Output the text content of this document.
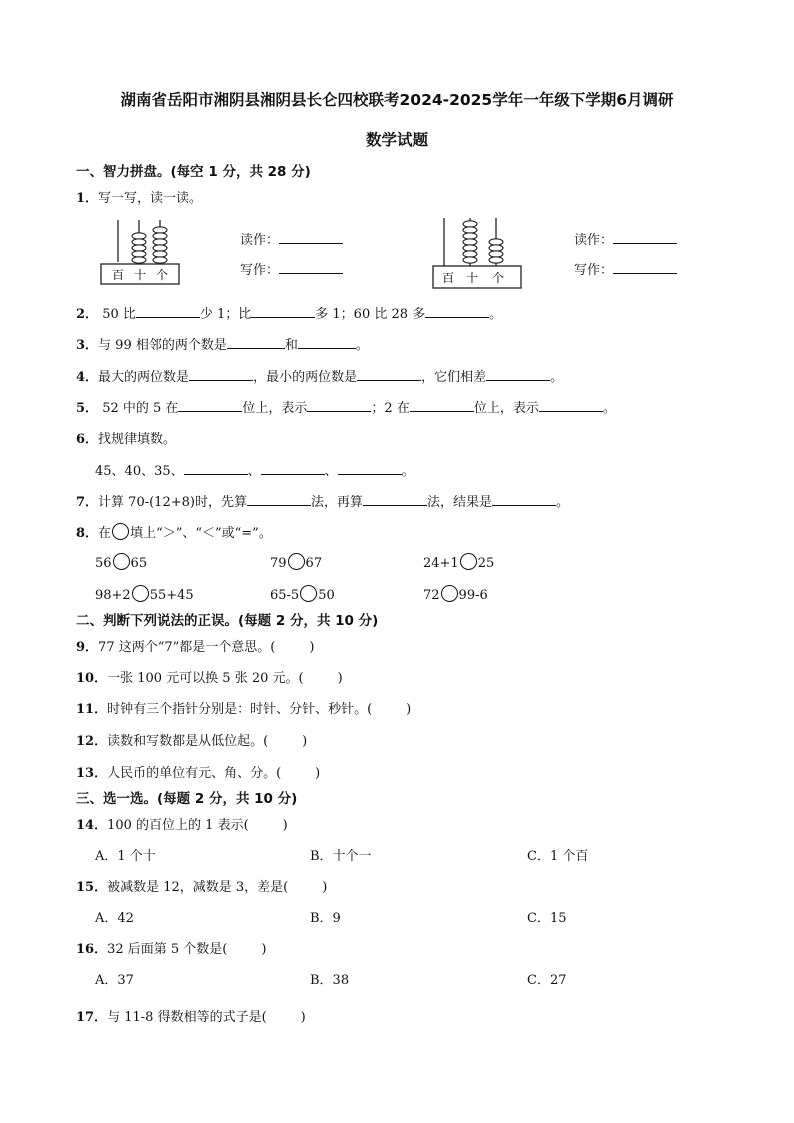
湖南省岳阳市湘阴县湘阴县长仑四校联考2024-2025学年一年级下学期6月调研
数学试题
一、智力拼盘。(每空 1 分，共 28 分)
1．写一写，读一读。
百 十 个
读作：
写作：	百 十 个
读作：
写作：
2． 50 比	少 1；比	多 1；60 比 28 多	。
3．与 99 相邻的两个数是	和	。
4．最大的两位数是	，最小的两位数是	，它们相差	。
5． 52 中的 5 在	位上，表示	；2 在	位上，表示	。
6．找规律填数。
45、40、35、	、	、	。
7．计算 70-(12+8)时，先算	法，再算	法，结果是	。
8．在 填上“＞”、“＜”或“=”。
56 65	79 67	24+1 25
98+2 55+45	65-5 50	72 99-6
二、判断下列说法的正误。(每题 2 分，共 10 分)
9．77 这两个“7”都是一个意思。(	)
10．一张 100 元可以换 5 张 20 元。(	)
11．时钟有三个指针分别是：时针、分针、秒针。(	)
12．读数和写数都是从低位起。(	)
13．人民币的单位有元、角、分。(	)
三、选一选。(每题 2 分，共 10 分)
14．100 的百位上的 1 表示(	)
A．1 个十	B．十个一	C．1 个百
15．被减数是 12，减数是 3，差是(	)
A．42	B．9	C．15
16．32 后面第 5 个数是(	)
A．37	B．38	C．27
17．与 11-8 得数相等的式子是(	)
